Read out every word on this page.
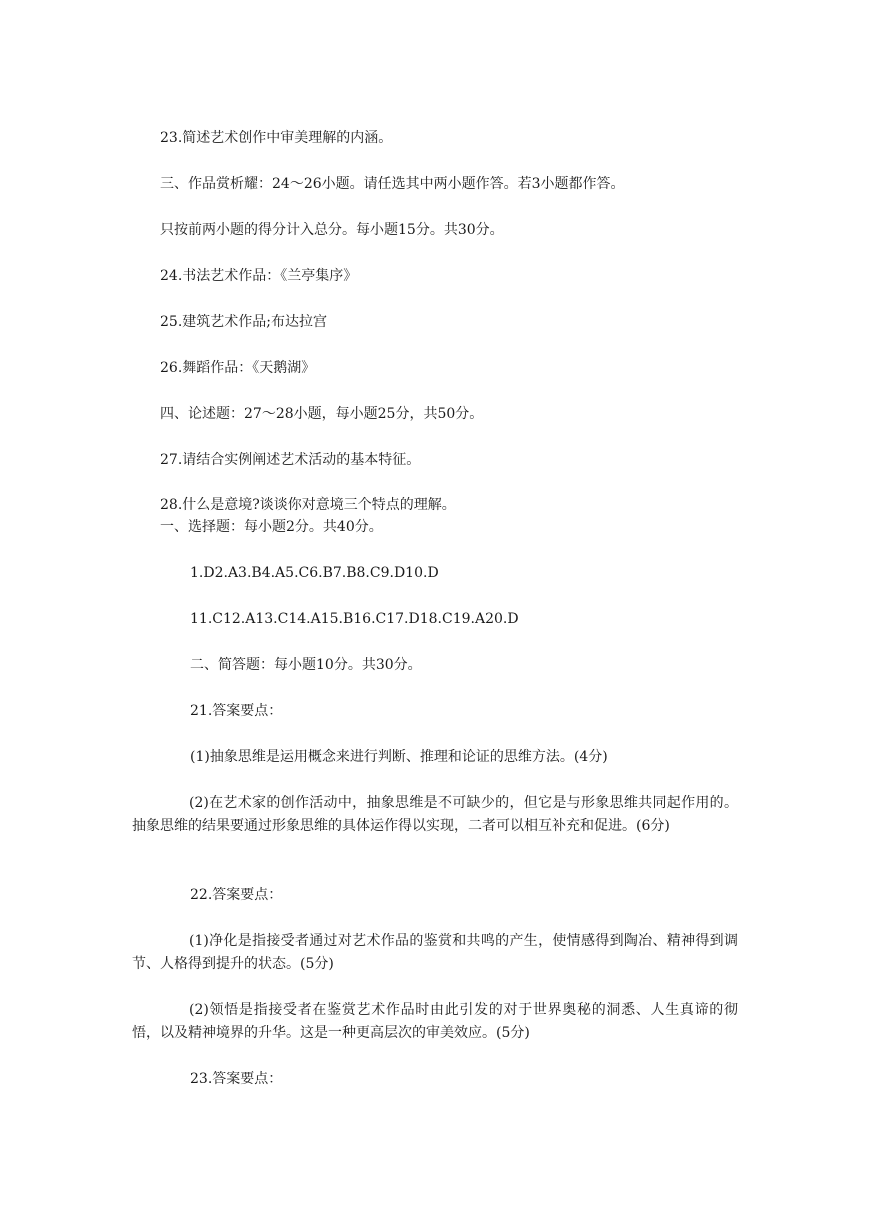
23.简述艺术创作中审美理解的内涵。
三、作品赏析耀：24～26小题。请任选其中两小题作答。若3小题都作答。
只按前两小题的得分计入总分。每小题15分。共30分。
24.书法艺术作品：《兰亭集序》
25.建筑艺术作品;布达拉宫
26.舞蹈作品：《天鹅湖》
四、论述题：27～28小题，每小题25分，共50分。
27.请结合实例阐述艺术活动的基本特征。
28.什么是意境?谈谈你对意境三个特点的理解。
一、选择题：每小题2分。共40分。
1.D2.A3.B4.A5.C6.B7.B8.C9.D10.D
11.C12.A13.C14.A15.B16.C17.D18.C19.A20.D
二、简答题：每小题10分。共30分。
21.答案要点：
(1)抽象思维是运用概念来进行判断、推理和论证的思维方法。(4分)
(2)在艺术家的创作活动中，抽象思维是不可缺少的，但它是与形象思维共同起作用的。抽象思维的结果要通过形象思维的具体运作得以实现，二者可以相互补充和促进。(6分)
22.答案要点：
(1)净化是指接受者通过对艺术作品的鉴赏和共鸣的产生，使情感得到陶冶、精神得到调节、人格得到提升的状态。(5分)
(2)领悟是指接受者在鉴赏艺术作品时由此引发的对于世界奥秘的洞悉、人生真谛的彻悟，以及精神境界的升华。这是一种更高层次的审美效应。(5分)
23.答案要点：
